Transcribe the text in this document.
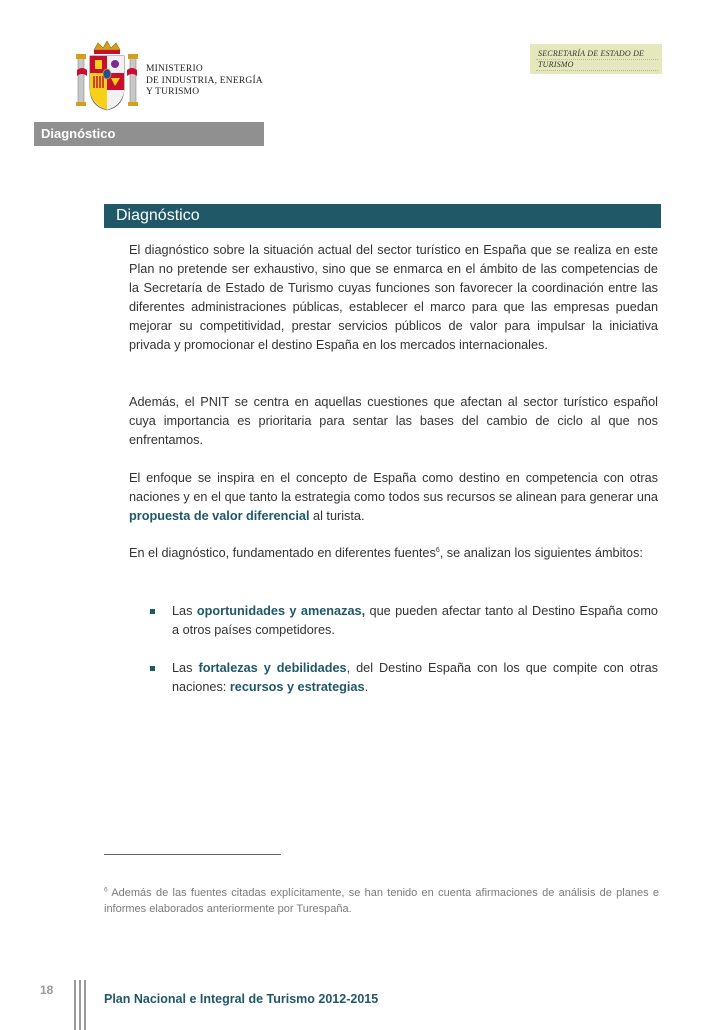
MINISTERIO
DE INDUSTRIA, ENERGÍA
Y TURISMO
SECRETARÍA DE ESTADO DE
TURISMO
Diagnóstico
Diagnóstico
El diagnóstico sobre la situación actual del sector turístico en España que se realiza en este Plan no pretende ser exhaustivo, sino que se enmarca en el ámbito de las competencias de la Secretaría de Estado de Turismo cuyas funciones son favorecer la coordinación entre las diferentes administraciones públicas, establecer el marco para que las empresas puedan mejorar su competitividad, prestar servicios públicos de valor para impulsar la iniciativa privada y promocionar el destino España en los mercados internacionales.
Además, el PNIT se centra en aquellas cuestiones que afectan al sector turístico español cuya importancia es prioritaria para sentar las bases del cambio de ciclo al que nos enfrentamos.
El enfoque se inspira en el concepto de España como destino en competencia con otras naciones y en el que tanto la estrategia como todos sus recursos se alinean para generar una propuesta de valor diferencial al turista.
En el diagnóstico, fundamentado en diferentes fuentes$^6$, se analizan los siguientes ámbitos:
Las oportunidades y amenazas, que pueden afectar tanto al Destino España como a otros países competidores.
Las fortalezas y debilidades, del Destino España con los que compite con otras naciones: recursos y estrategias.
$^6$ Además de las fuentes citadas explícitamente, se han tenido en cuenta afirmaciones de análisis de planes e informes elaborados anteriormente por Turespaña.
18
Plan Nacional e Integral de Turismo 2012-2015
